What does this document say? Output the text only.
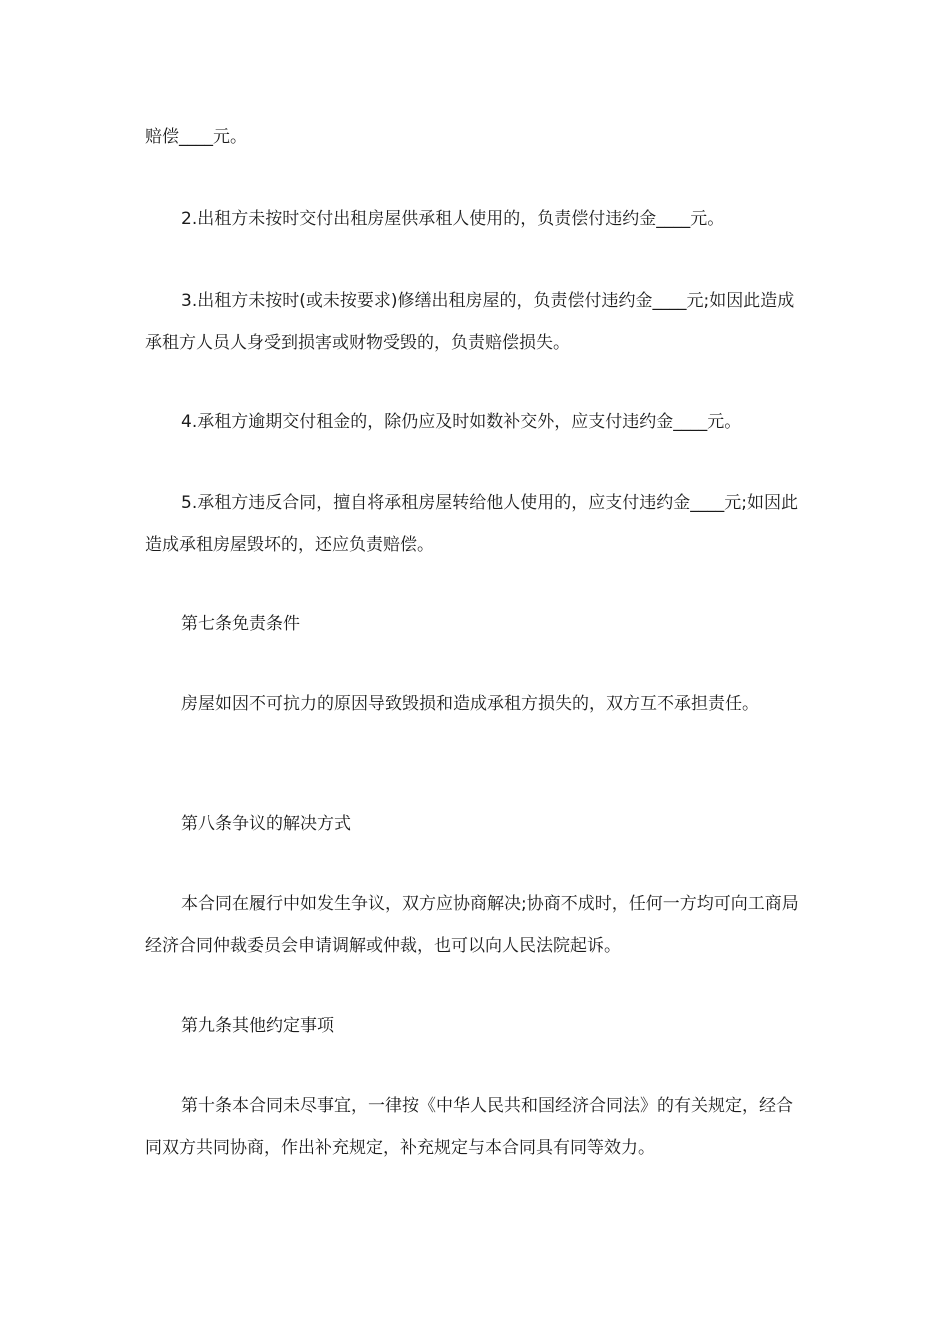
赔偿____元。

2.出租方未按时交付出租房屋供承租人使用的，负责偿付违约金____元。

3.出租方未按时(或未按要求)修缮出租房屋的，负责偿付违约金____元;如因此造成承租方人员人身受到损害或财物受毁的，负责赔偿损失。

4.承租方逾期交付租金的，除仍应及时如数补交外，应支付违约金____元。

5.承租方违反合同，擅自将承租房屋转给他人使用的，应支付违约金____元;如因此造成承租房屋毁坏的，还应负责赔偿。

第七条免责条件

房屋如因不可抗力的原因导致毁损和造成承租方损失的，双方互不承担责任。

第八条争议的解决方式

本合同在履行中如发生争议，双方应协商解决;协商不成时，任何一方均可向工商局经济合同仲裁委员会申请调解或仲裁，也可以向人民法院起诉。

第九条其他约定事项

第十条本合同未尽事宜，一律按《中华人民共和国经济合同法》的有关规定，经合同双方共同协商，作出补充规定，补充规定与本合同具有同等效力。
